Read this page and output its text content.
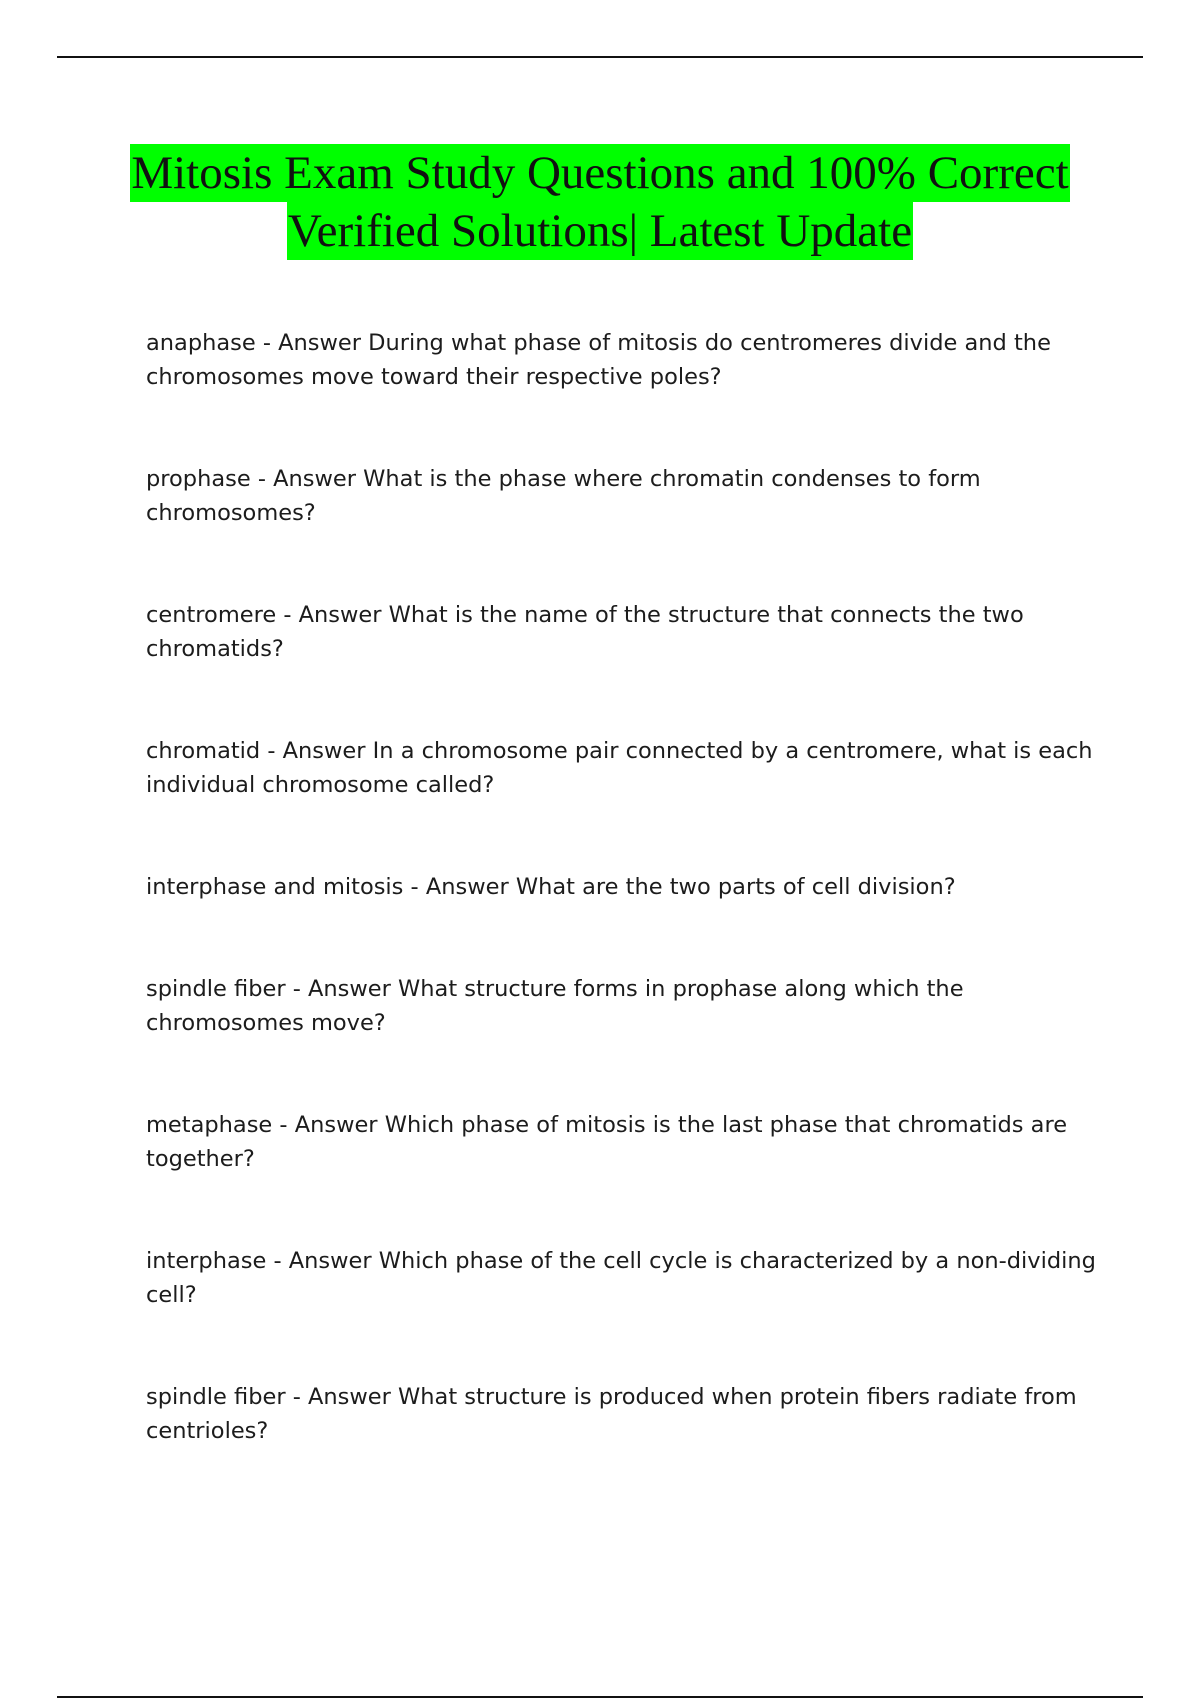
Mitosis Exam Study Questions and 100% Correct
Verified Solutions| Latest Update

anaphase - Answer During what phase of mitosis do centromeres divide and the chromosomes move toward their respective poles?

prophase - Answer What is the phase where chromatin condenses to form chromosomes?

centromere - Answer What is the name of the structure that connects the two chromatids?

chromatid - Answer In a chromosome pair connected by a centromere, what is each individual chromosome called?

interphase and mitosis - Answer What are the two parts of cell division?

spindle fiber - Answer What structure forms in prophase along which the chromosomes move?

metaphase - Answer Which phase of mitosis is the last phase that chromatids are together?

interphase - Answer Which phase of the cell cycle is characterized by a non-dividing cell?

spindle fiber - Answer What structure is produced when protein fibers radiate from centrioles?
